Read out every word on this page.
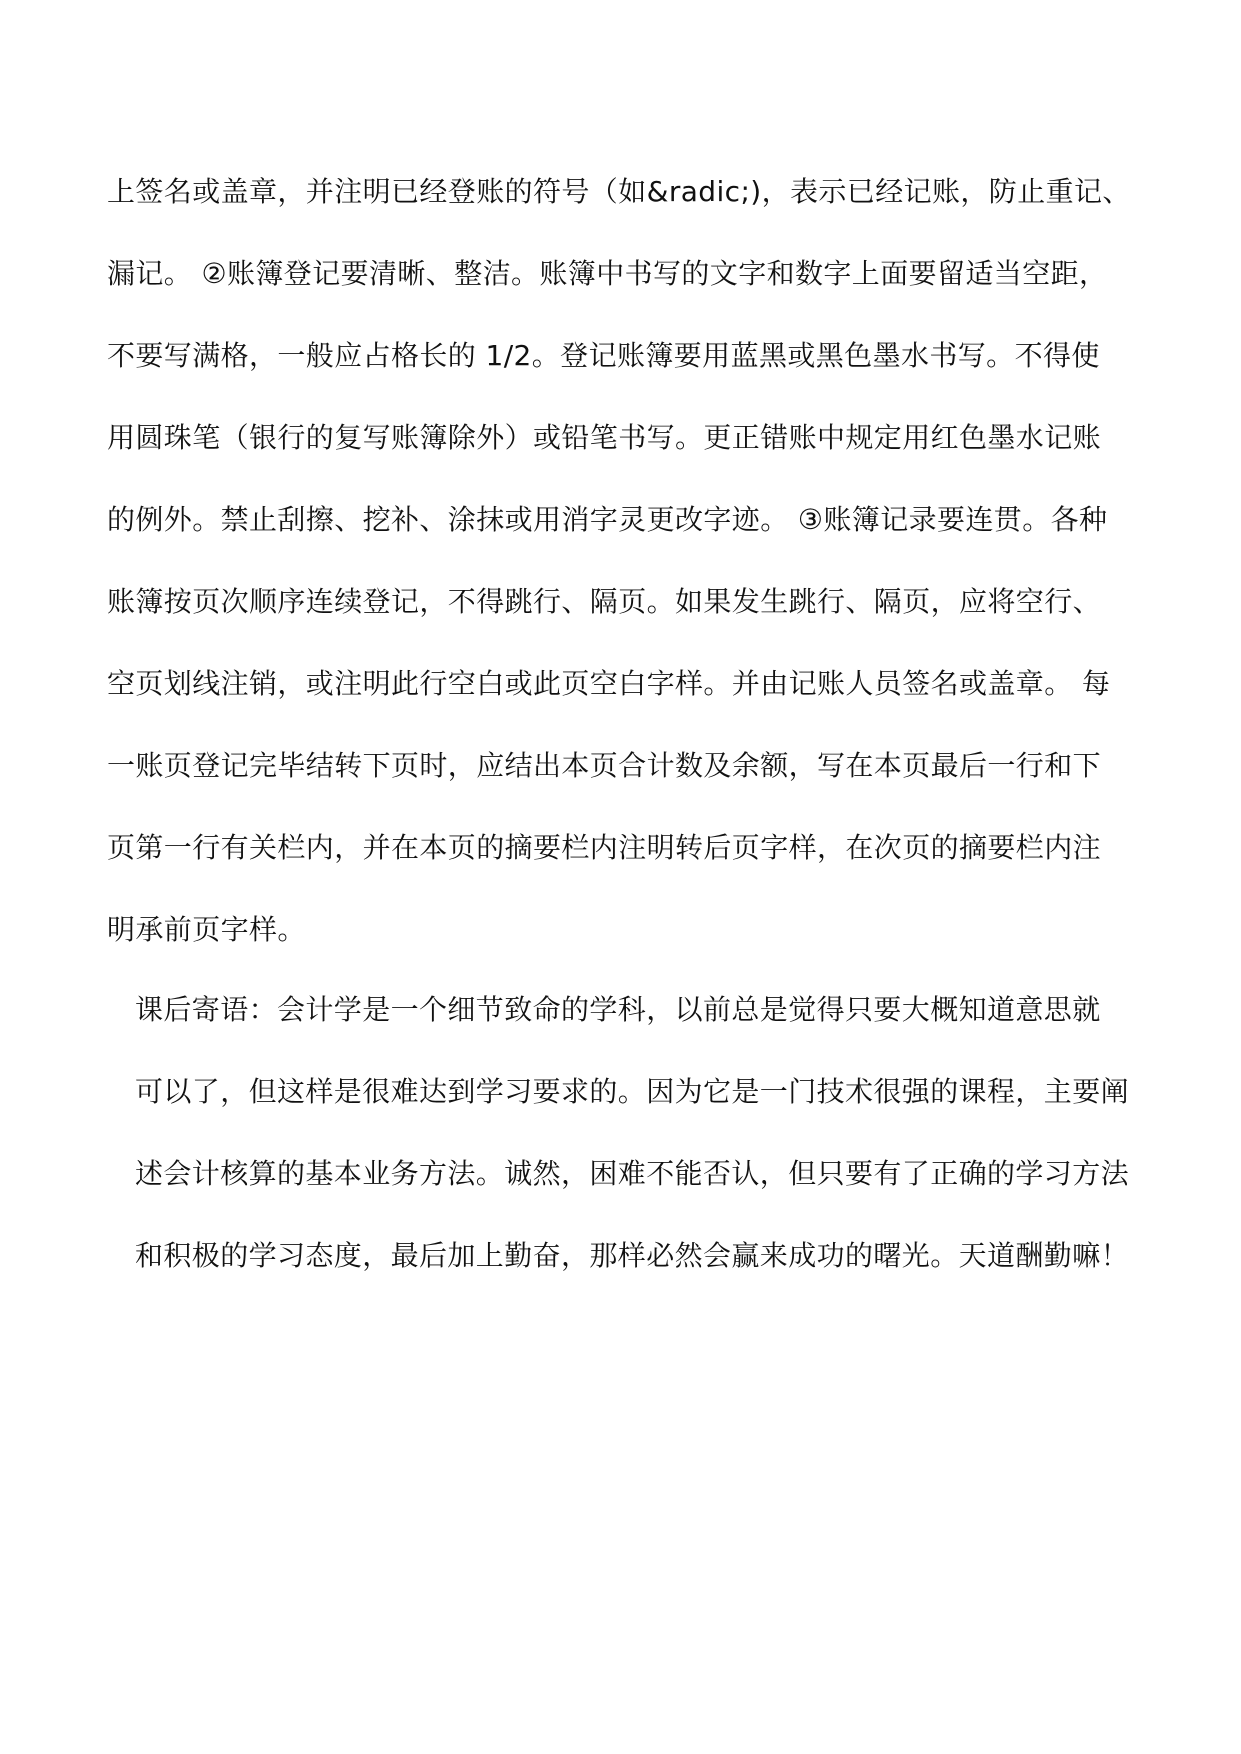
上签名或盖章，并注明已经登账的符号（如&radic;)，表示已经记账，防止重记、
漏记。 ②账簿登记要清晰、整洁。账簿中书写的文字和数字上面要留适当空距，
不要写满格，一般应占格长的 1/2。登记账簿要用蓝黑或黑色墨水书写。不得使
用圆珠笔（银行的复写账簿除外）或铅笔书写。更正错账中规定用红色墨水记账
的例外。禁止刮擦、挖补、涂抹或用消字灵更改字迹。 ③账簿记录要连贯。各种
账簿按页次顺序连续登记，不得跳行、隔页。如果发生跳行、隔页，应将空行、
空页划线注销，或注明此行空白或此页空白字样。并由记账人员签名或盖章。 每
一账页登记完毕结转下页时，应结出本页合计数及余额，写在本页最后一行和下
页第一行有关栏内，并在本页的摘要栏内注明转后页字样，在次页的摘要栏内注
明承前页字样。
课后寄语：会计学是一个细节致命的学科，以前总是觉得只要大概知道意思就
可以了，但这样是很难达到学习要求的。因为它是一门技术很强的课程，主要阐
述会计核算的基本业务方法。诚然，困难不能否认，但只要有了正确的学习方法
和积极的学习态度，最后加上勤奋，那样必然会赢来成功的曙光。天道酬勤嘛！
